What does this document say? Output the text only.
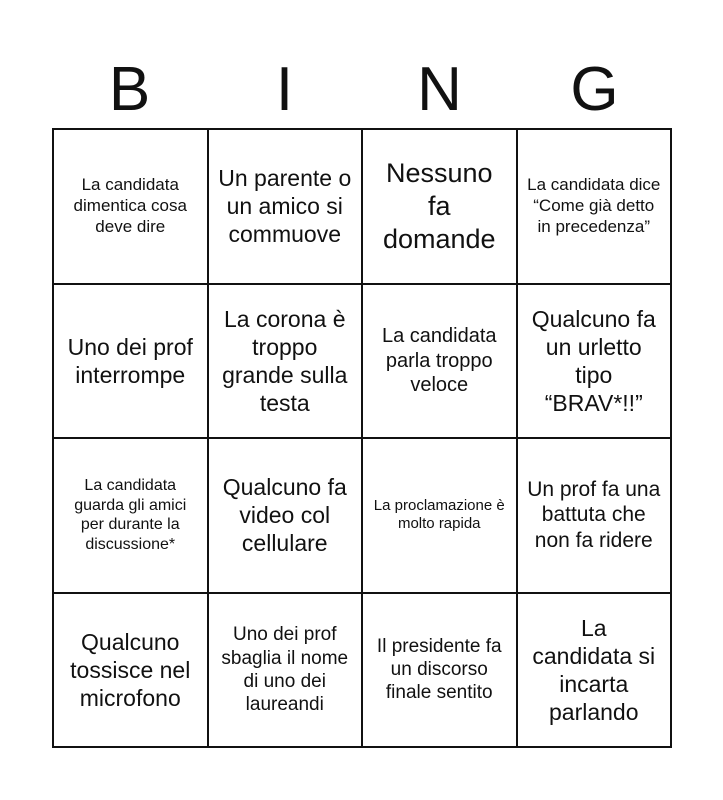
B	I	N	G
La candidata dimentica cosa deve dire
Un parente o un amico si commuove
Nessuno fa domande
La candidata dice “Come già detto in precedenza”
Uno dei prof interrompe
La corona è troppo grande sulla testa
La candidata parla troppo veloce
Qualcuno fa un urletto tipo “BRAV*!!”
La candidata guarda gli amici per durante la discussione*
Qualcuno fa video col cellulare
La proclamazione è molto rapida
Un prof fa una battuta che non fa ridere
Qualcuno tossisce nel microfono
Uno dei prof sbaglia il nome di uno dei laureandi
Il presidente fa un discorso finale sentito
La candidata si incarta parlando
